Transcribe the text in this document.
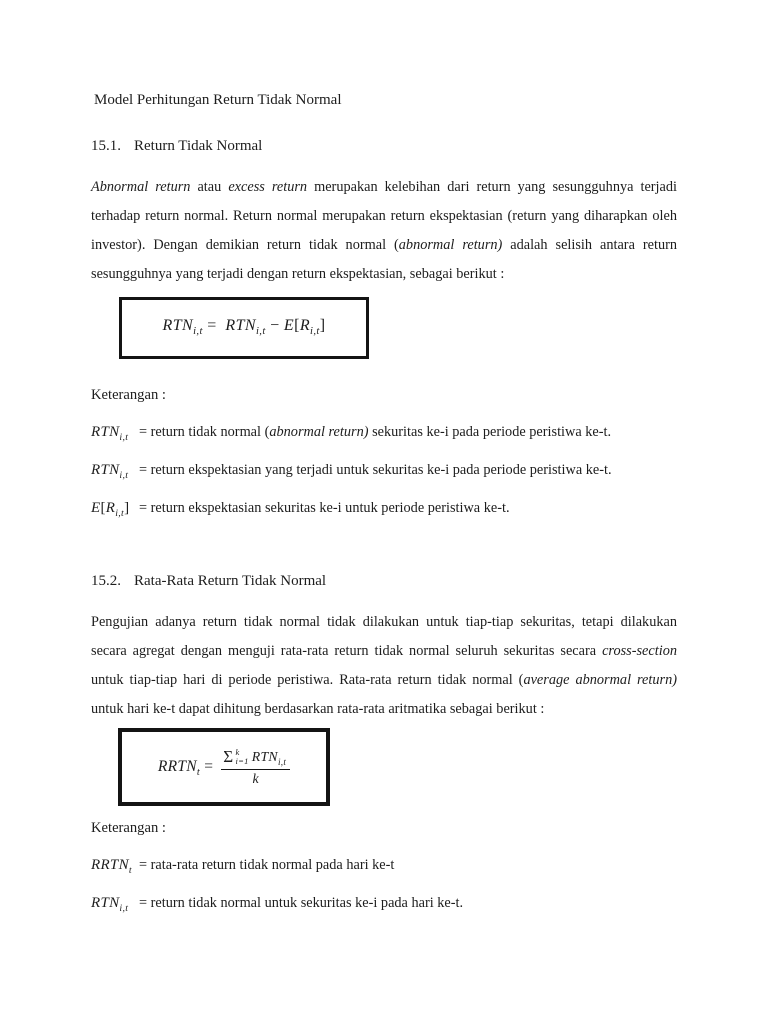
Model Perhitungan Return Tidak Normal
15.1. Return Tidak Normal
Abnormal return atau excess return merupakan kelebihan dari return yang sesungguhnya terjadi terhadap return normal. Return normal merupakan return ekspektasian (return yang diharapkan oleh investor). Dengan demikian return tidak normal (abnormal return) adalah selisih antara return sesungguhnya yang terjadi dengan return ekspektasian, sebagai berikut :
$RTN_{i,t} = RTN_{i,t} - E[R_{i,t}]$
Keterangan :
$RTN_{i,t}$ = return tidak normal (abnormal return) sekuritas ke-i pada periode peristiwa ke-t.
$RTN_{i,t}$ = return ekspektasian yang terjadi untuk sekuritas ke-i pada periode peristiwa ke-t.
$E[R_{i,t}]$ = return ekspektasian sekuritas ke-i untuk periode peristiwa ke-t.
15.2. Rata-Rata Return Tidak Normal
Pengujian adanya return tidak normal tidak dilakukan untuk tiap-tiap sekuritas, tetapi dilakukan secara agregat dengan menguji rata-rata return tidak normal seluruh sekuritas secara cross-section untuk tiap-tiap hari di periode peristiwa. Rata-rata return tidak normal (average abnormal return) untuk hari ke-t dapat dihitung berdasarkan rata-rata aritmatika sebagai berikut :
$RRTN_t$ =
Σ k
i=1 $RTN_{i,t}$
k
Keterangan :
$RRTN_t$ = rata-rata return tidak normal pada hari ke-t
$RTN_{i,t}$ = return tidak normal untuk sekuritas ke-i pada hari ke-t.
